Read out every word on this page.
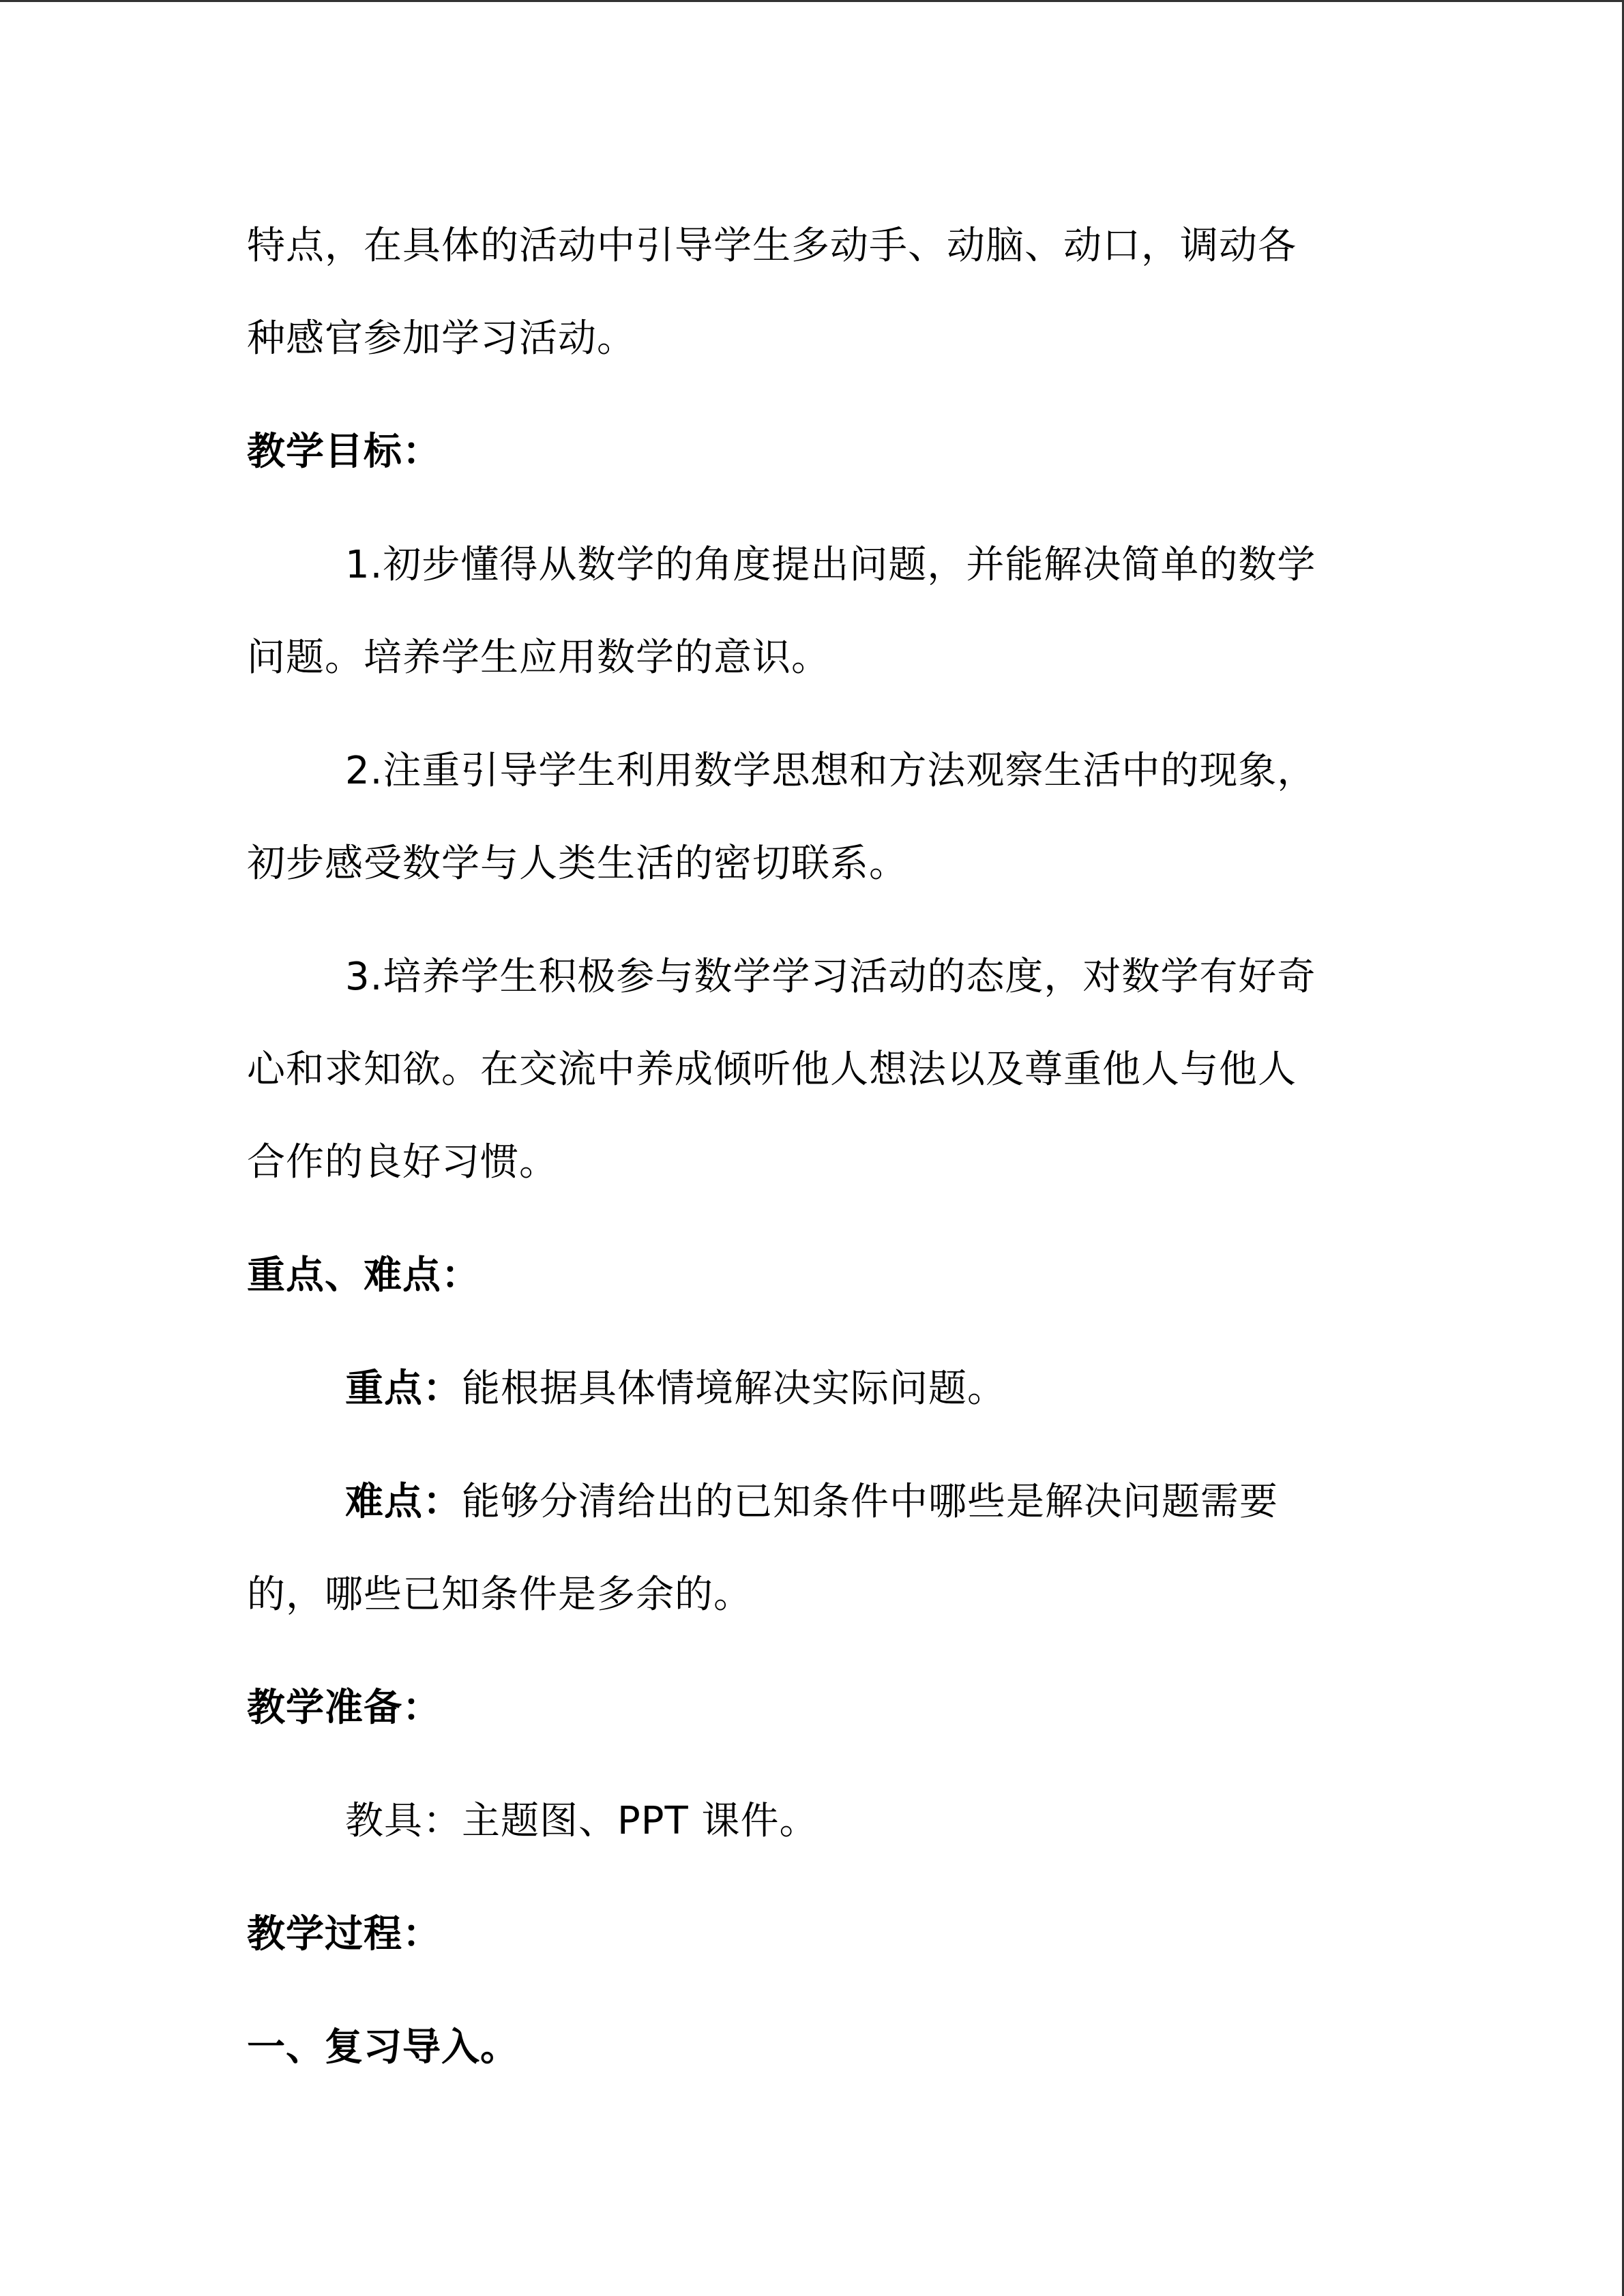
特点，在具体的活动中引导学生多动手、动脑、动口，调动各
种感官参加学习活动。
教学目标：
1.初步懂得从数学的角度提出问题，并能解决简单的数学
问题。培养学生应用数学的意识。
2.注重引导学生利用数学思想和方法观察生活中的现象，
初步感受数学与人类生活的密切联系。
3.培养学生积极参与数学学习活动的态度，对数学有好奇
心和求知欲。在交流中养成倾听他人想法以及尊重他人与他人
合作的良好习惯。
重点、难点：
重点：能根据具体情境解决实际问题。
难点：能够分清给出的已知条件中哪些是解决问题需要
的，哪些已知条件是多余的。
教学准备：
教具：主题图、PPT 课件。
教学过程：
一、复习导入。
